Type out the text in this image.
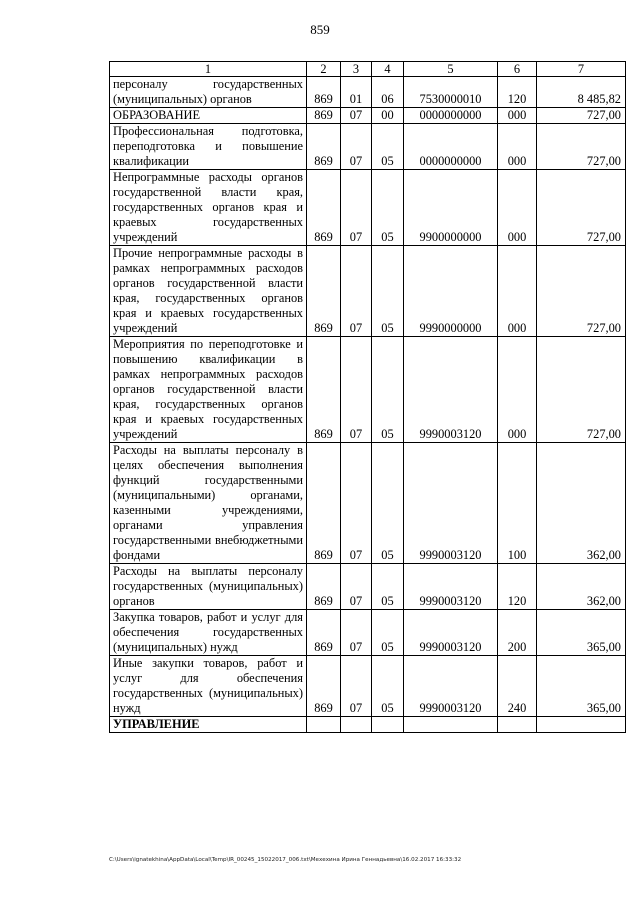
859
1	2	3	4	5	6	7
персоналу государственных (муниципальных) органов	869	01	06	7530000010	120	8 485,82
ОБРАЗОВАНИЕ	869	07	00	0000000000	000	727,00
Профессиональная подготовка, переподготовка и повышение квалификации	869	07	05	0000000000	000	727,00
Непрограммные расходы органов государственной власти края, государственных органов края и краевых государственных учреждений	869	07	05	9900000000	000	727,00
Прочие непрограммные расходы в рамках непрограммных расходов органов государственной власти края, государственных органов края и краевых государственных учреждений	869	07	05	9990000000	000	727,00
Мероприятия по переподготовке и повышению квалификации в рамках непрограммных расходов органов государственной власти края, государственных органов края и краевых государственных учреждений	869	07	05	9990003120	000	727,00
Расходы на выплаты персоналу в целях обеспечения выполнения функций государственными (муниципальными) органами, казенными учреждениями, органами управления государственными внебюджетными фондами	869	07	05	9990003120	100	362,00
Расходы на выплаты персоналу государственных (муниципальных) органов	869	07	05	9990003120	120	362,00
Закупка товаров, работ и услуг для обеспечения государственных (муниципальных) нужд	869	07	05	9990003120	200	365,00
Иные закупки товаров, работ и услуг для обеспечения государственных (муниципальных) нужд	869	07	05	9990003120	240	365,00
УПРАВЛЕНИЕ						
C:\Users\ignatekhina\AppData\Local\Temp\IR_00245_15022017_006.txt\Мехехина Ирина Геннадьевна\16.02.2017 16:33:32
